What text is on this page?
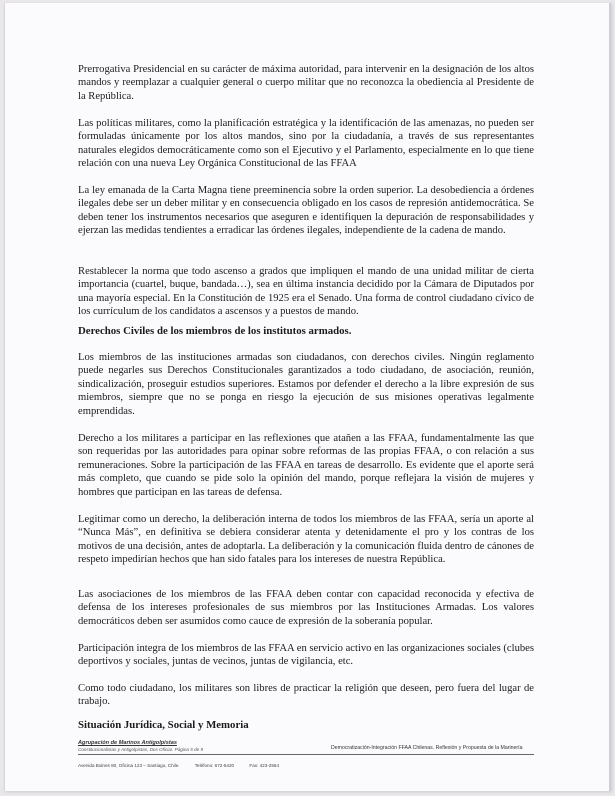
Prerrogativa Presidencial en su carácter de máxima autoridad, para intervenir en la designación de los altos mandos y reemplazar a cualquier general o cuerpo militar que no reconozca la obediencia al Presidente de la República.

Las políticas militares, como la planificación estratégica y la identificación de las amenazas, no pueden ser formuladas únicamente por los altos mandos, sino por la ciudadanía, a través de sus representantes naturales elegidos democráticamente como son el Ejecutivo y el Parlamento, especialmente en lo que tiene relación con una nueva Ley Orgánica Constitucional de las FFAA

La ley emanada de la Carta Magna tiene preeminencia sobre la orden superior. La desobediencia a órdenes ilegales debe ser un deber militar y en consecuencia obligado en los casos de represión antidemocrática. Se deben tener los instrumentos necesarios que aseguren e identifiquen la depuración de responsabilidades y ejerzan las medidas tendientes a erradicar las órdenes ilegales, independiente de la cadena de mando.

Restablecer la norma que todo ascenso a grados que impliquen el mando de una unidad militar de cierta importancia (cuartel, buque, bandada…), sea en última instancia decidido por la Cámara de Diputados por una mayoría especial. En la Constitución de 1925 era el Senado. Una forma de control ciudadano cívico de los currículum de los candidatos a ascensos y a puestos de mando.

Derechos Civiles de los miembros de los institutos armados.

Los miembros de las instituciones armadas son ciudadanos, con derechos civiles. Ningún reglamento puede negarles sus Derechos Constitucionales garantizados a todo ciudadano, de asociación, reunión, sindicalización, proseguir estudios superiores. Estamos por defender el derecho a la libre expresión de sus miembros, siempre que no se ponga en riesgo la ejecución de sus misiones operativas legalmente emprendidas.

Derecho a los militares a participar en las reflexiones que atañen a las FFAA, fundamentalmente las que son requeridas por las autoridades para opinar sobre reformas de las propias FFAA, o con relación a sus remuneraciones. Sobre la participación de las FFAA en tareas de desarrollo. Es evidente que el aporte será más completo, que cuando se pide solo la opinión del mando, porque reflejara la visión de mujeres y hombres que participan en las tareas de defensa.

Legitimar como un derecho, la deliberación interna de todos los miembros de las FFAA, sería un aporte al “Nunca Más”, en definitiva se debiera considerar atenta y detenidamente el pro y los contras de los motivos de una decisión, antes de adoptarla. La deliberación y la comunicación fluida dentro de cánones de respeto impedirían hechos que han sido fatales para los intereses de nuestra República.

Las asociaciones de los miembros de las FFAA deben contar con capacidad reconocida y efectiva de defensa de los intereses profesionales de sus miembros por las Instituciones Armadas. Los valores democráticos deben ser asumidos como cauce de expresión de la soberanía popular.

Participación integra de los miembros de las FFAA en servicio activo en las organizaciones sociales (clubes deportivos y sociales, juntas de vecinos, juntas de vigilancia, etc.

Como todo ciudadano, los militares son libres de practicar la religión que deseen, pero fuera del lugar de trabajo.

Situación Jurídica, Social y Memoria
Agrupación de Marinos Antigolpistas
Constitucionalistas y Antigolpistas, Dos Oficiar. Página 5 de 9	Democratización-Integración FFAA Chilenas. Reflexión y Propuesta de la Marinería
Avenida Bulnes 80, Oficina 123 – Santiago, Chile.	Teléfono: 672-5420	Fax: 423-2564
